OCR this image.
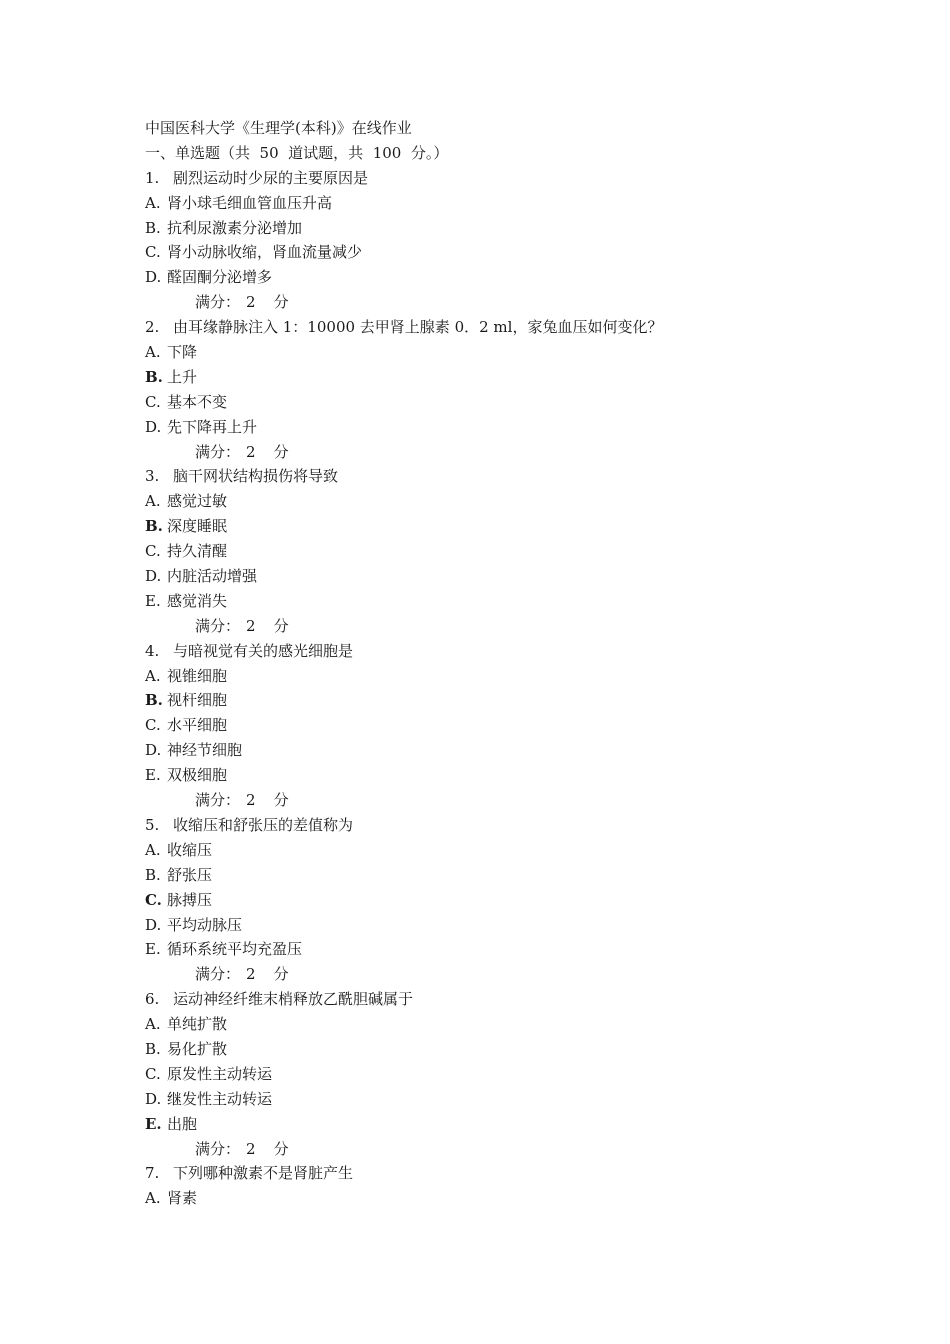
中国医科大学《生理学(本科)》在线作业
一、单选题（共  50  道试题，共  100  分。）
1. 剧烈运动时少尿的主要原因是
A. 肾小球毛细血管血压升高
B. 抗利尿激素分泌增加
C. 肾小动脉收缩，肾血流量减少
D. 醛固酮分泌增多
满分： 2 分
2. 由耳缘静脉注入 1：10000 去甲肾上腺素 0．2 ml，家兔血压如何变化？
A. 下降
B. 上升
C. 基本不变
D. 先下降再上升
满分： 2 分
3. 脑干网状结构损伤将导致
A. 感觉过敏
B. 深度睡眠
C. 持久清醒
D. 内脏活动增强
E. 感觉消失
满分： 2 分
4. 与暗视觉有关的感光细胞是
A. 视锥细胞
B. 视杆细胞
C. 水平细胞
D. 神经节细胞
E. 双极细胞
满分： 2 分
5. 收缩压和舒张压的差值称为
A. 收缩压
B. 舒张压
C. 脉搏压
D. 平均动脉压
E. 循环系统平均充盈压
满分： 2 分
6. 运动神经纤维末梢释放乙酰胆碱属于
A. 单纯扩散
B. 易化扩散
C. 原发性主动转运
D. 继发性主动转运
E. 出胞
满分： 2 分
7. 下列哪种激素不是肾脏产生
A. 肾素
